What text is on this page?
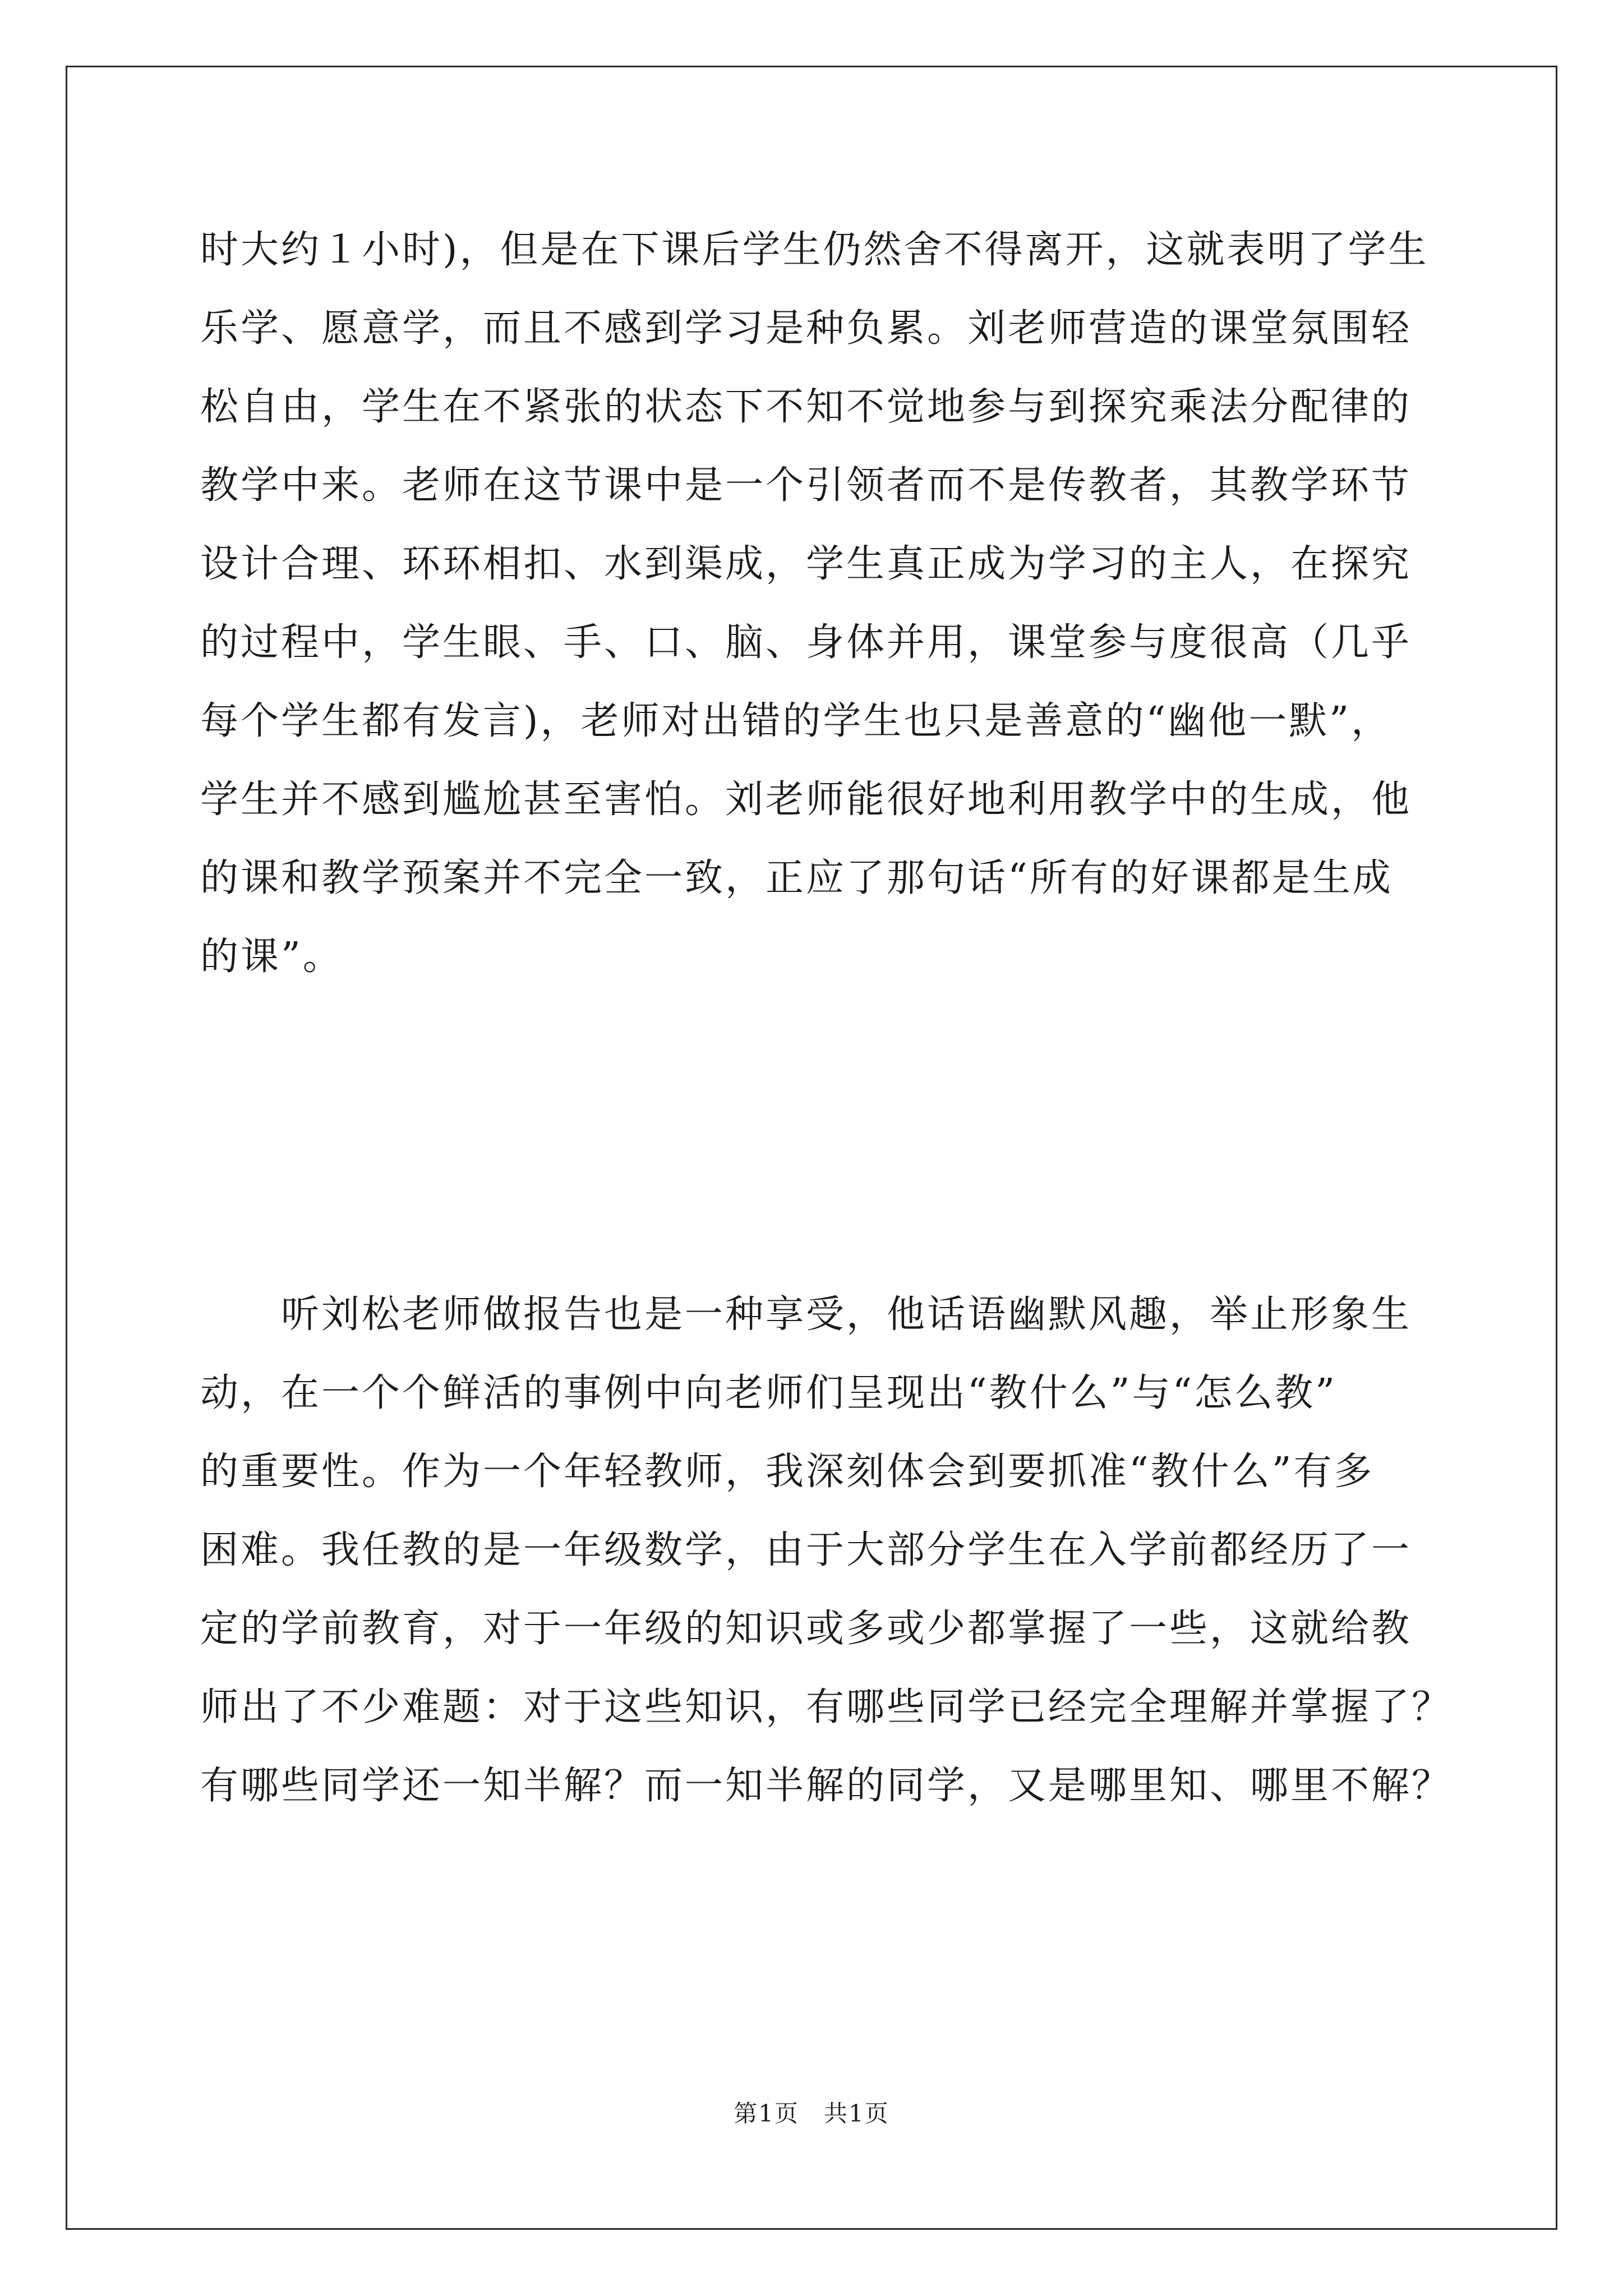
时大约１小时)，但是在下课后学生仍然舍不得离开，这就表明了学生
乐学、愿意学，而且不感到学习是种负累。刘老师营造的课堂氛围轻
松自由，学生在不紧张的状态下不知不觉地参与到探究乘法分配律的
教学中来。老师在这节课中是一个引领者而不是传教者，其教学环节
设计合理、环环相扣、水到渠成，学生真正成为学习的主人，在探究
的过程中，学生眼、手、口、脑、身体并用，课堂参与度很高（几乎
每个学生都有发言)，老师对出错的学生也只是善意的“幽他一默”，
学生并不感到尴尬甚至害怕。刘老师能很好地利用教学中的生成，他
的课和教学预案并不完全一致，正应了那句话“所有的好课都是生成
的课”。
　　听刘松老师做报告也是一种享受，他话语幽默风趣，举止形象生
动，在一个个鲜活的事例中向老师们呈现出“教什么”与“怎么教”
的重要性。作为一个年轻教师，我深刻体会到要抓准“教什么”有多
困难。我任教的是一年级数学，由于大部分学生在入学前都经历了一
定的学前教育，对于一年级的知识或多或少都掌握了一些，这就给教
师出了不少难题：对于这些知识，有哪些同学已经完全理解并掌握了？
有哪些同学还一知半解？而一知半解的同学，又是哪里知、哪里不解？
第1页　共1页
